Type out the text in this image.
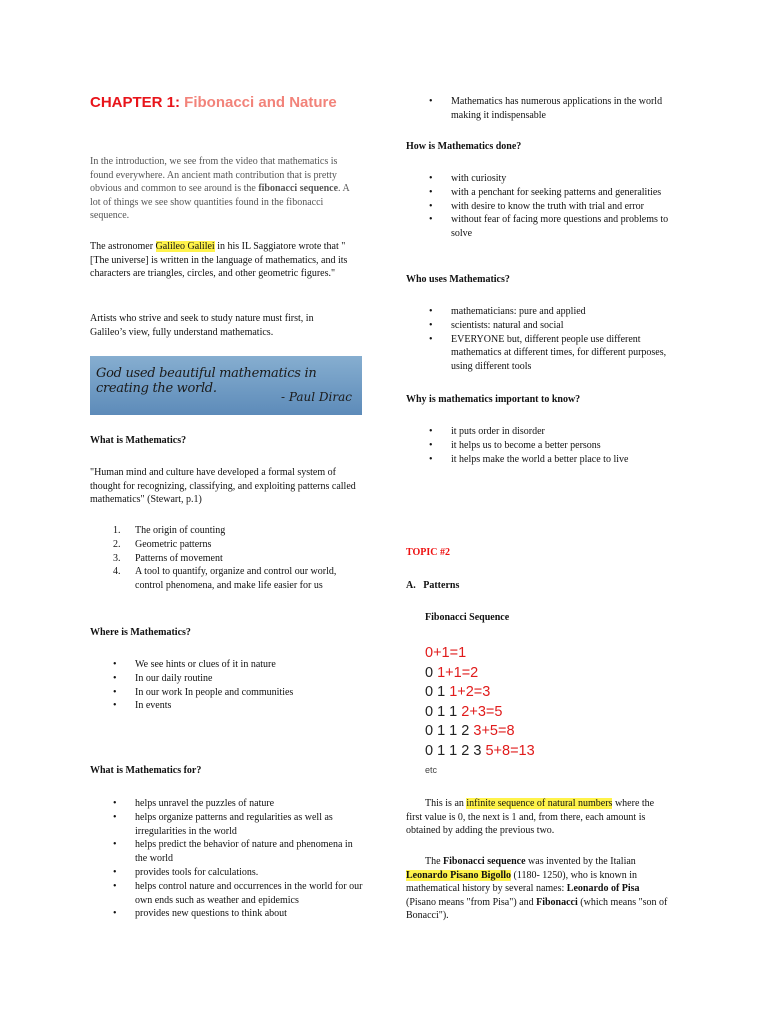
CHAPTER 1: Fibonacci and Nature

In the introduction, we see from the video that mathematics is found everywhere. An ancient math contribution that is pretty obvious and common to see around is the fibonacci sequence. A lot of things we see show quantities found in the fibonacci sequence.

The astronomer Galileo Galilei in his IL Saggiatore wrote that "[The universe] is written in the language of mathematics, and its characters are triangles, circles, and other geometric figures."

Artists who strive and seek to study nature must first, in Galileo’s view, fully understand mathematics.

God used beautiful mathematics in creating the world.
- Paul Dirac

What is Mathematics?

"Human mind and culture have developed a formal system of thought for recognizing, classifying, and exploiting patterns called mathematics" (Stewart, p.1)

1. The origin of counting
2. Geometric patterns
3. Patterns of movement
4. A tool to quantify, organize and control our world, control phenomena, and make life easier for us

Where is Mathematics?

• We see hints or clues of it in nature
• In our daily routine
• In our work In people and communities
• In events

What is Mathematics for?

• helps unravel the puzzles of nature
• helps organize patterns and regularities as well as irregularities in the world
• helps predict the behavior of nature and phenomena in the world
• provides tools for calculations.
• helps control nature and occurrences in the world for our own ends such as weather and epidemics
• provides new questions to think about
• Mathematics has numerous applications in the world making it indispensable

How is Mathematics done?

• with curiosity
• with a penchant for seeking patterns and generalities
• with desire to know the truth with trial and error
• without fear of facing more questions and problems to solve

Who uses Mathematics?

• mathematicians: pure and applied
• scientists: natural and social
• EVERYONE but, different people use different mathematics at different times, for different purposes, using different tools

Why is mathematics important to know?

• it puts order in disorder
• it helps us to become a better persons
• it helps make the world a better place to live

TOPIC #2

A. Patterns

Fibonacci Sequence

0+1=1
0 1+1=2
0 1 1+2=3
0 1 1 2+3=5
0 1 1 2 3+5=8
0 1 1 2 3 5+8=13
etc

This is an infinite sequence of natural numbers where the first value is 0, the next is 1 and, from there, each amount is obtained by adding the previous two.

The Fibonacci sequence was invented by the Italian Leonardo Pisano Bigollo (1180- 1250), who is known in mathematical history by several names: Leonardo of Pisa (Pisano means "from Pisa") and Fibonacci (which means "son of Bonacci").
